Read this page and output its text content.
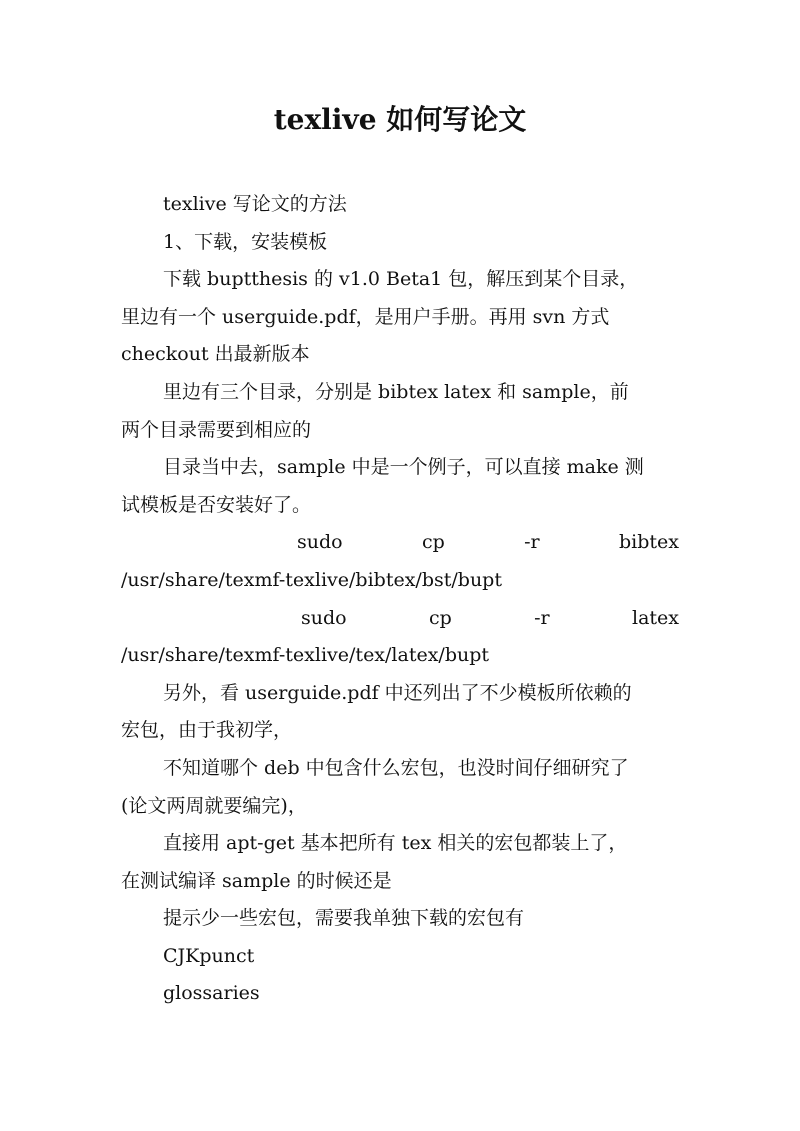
texlive 如何写论文
texlive 写论文的方法
1、下载，安装模板
下载 buptthesis 的 v1.0 Beta1 包，解压到某个目录，
里边有一个 userguide.pdf，是用户手册。再用 svn 方式
checkout 出最新版本
里边有三个目录，分别是 bibtex latex 和 sample，前
两个目录需要到相应的
目录当中去，sample 中是一个例子，可以直接 make 测
试模板是否安装好了。
sudo	cp	-r	bibtex
/usr/share/texmf-texlive/bibtex/bst/bupt
sudo	cp	-r	latex
/usr/share/texmf-texlive/tex/latex/bupt
另外，看 userguide.pdf 中还列出了不少模板所依赖的
宏包，由于我初学，
不知道哪个 deb 中包含什么宏包，也没时间仔细研究了
(论文两周就要编完)，
直接用 apt-get 基本把所有 tex 相关的宏包都装上了，
在测试编译 sample 的时候还是
提示少一些宏包，需要我单独下载的宏包有
CJKpunct
glossaries
